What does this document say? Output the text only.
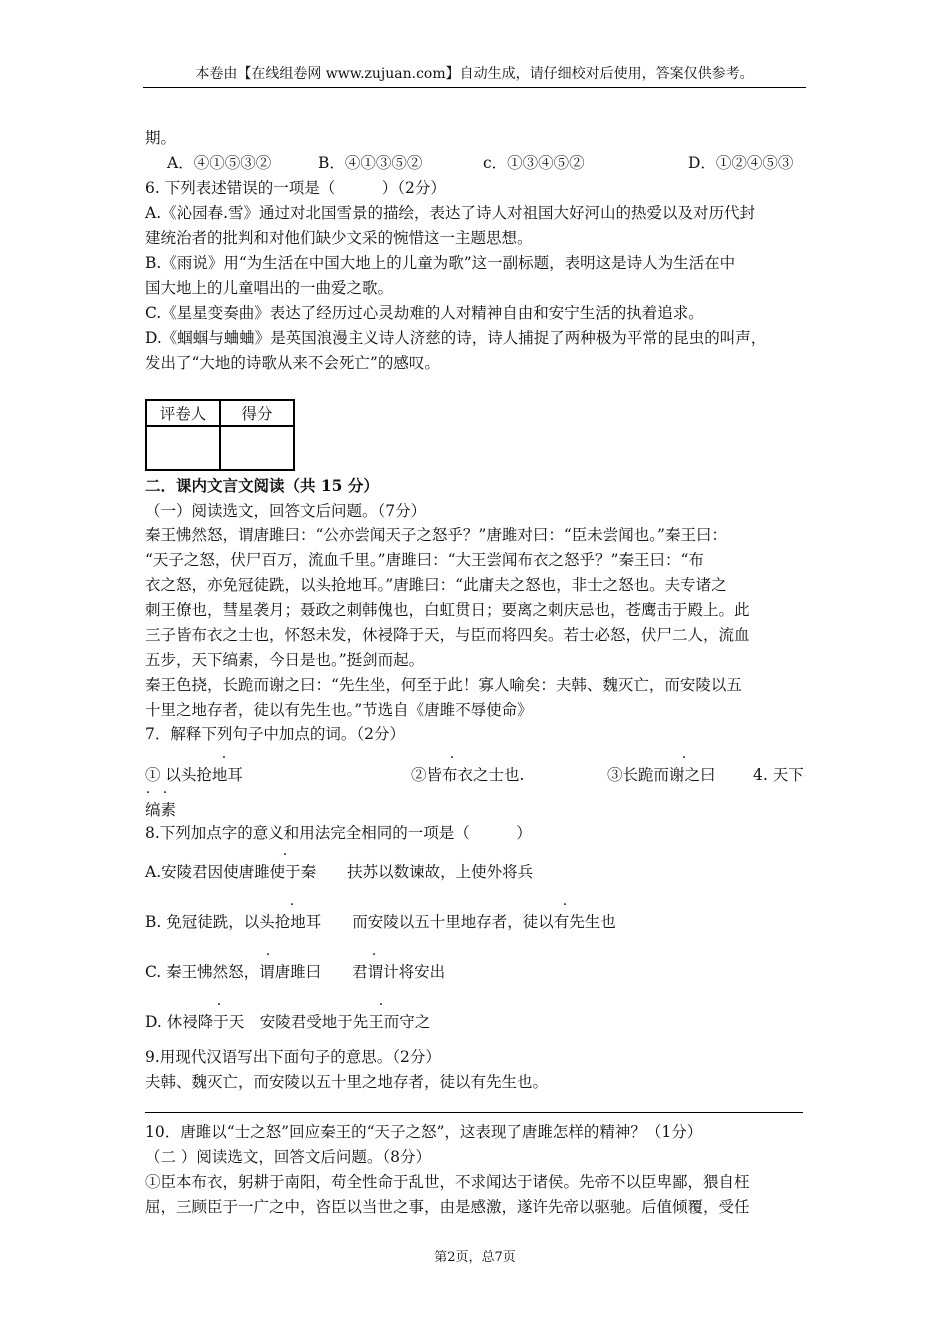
本卷由【在线组卷网 www.zujuan.com】自动生成，请仔细校对后使用，答案仅供参考。
期。
A．④①⑤③②	B．④①③⑤②	c．①③④⑤②	D．①②④⑤③
6. 下列表述错误的一项是（　　　）（2分）
A.《沁园春.雪》通过对北国雪景的描绘，表达了诗人对祖国大好河山的热爱以及对历代封
建统治者的批判和对他们缺少文采的惋惜这一主题思想。
B.《雨说》用“为生活在中国大地上的儿童为歌”这一副标题，表明这是诗人为生活在中
国大地上的儿童唱出的一曲爱之歌。
C.《星星变奏曲》表达了经历过心灵劫难的人对精神自由和安宁生活的执着追求。
D.《蝈蝈与蛐蛐》是英国浪漫主义诗人济慈的诗，诗人捕捉了两种极为平常的昆虫的叫声，
发出了“大地的诗歌从来不会死亡”的感叹。
评卷人	得分

二．课内文言文阅读（共 15 分）
（一）阅读选文，回答文后问题。（7分）
秦王怫然怒，谓唐雎曰：“公亦尝闻天子之怒乎？”唐雎对曰：“臣未尝闻也。”秦王曰：
“天子之怒，伏尸百万，流血千里。”唐雎曰：“大王尝闻布衣之怒乎？”秦王曰：“布
衣之怒，亦免冠徒跣，以头抢地耳。”唐雎曰：“此庸夫之怒也，非士之怒也。夫专诸之
刺王僚也，彗星袭月；聂政之刺韩傀也，白虹贯日；要离之刺庆忌也，苍鹰击于殿上。此
三子皆布衣之士也，怀怒未发，休祲降于天，与臣而将四矣。若士必怒，伏尸二人，流血
五步，天下缟素，今日是也。”挺剑而起。
秦王色挠，长跪而谢之曰：“先生坐，何至于此！寡人喻矣：夫韩、魏灭亡，而安陵以五
十里之地存者，徒以有先生也。”节选自《唐雎不辱使命》
7．解释下列句子中加点的词。（2分）
① 以头抢地耳	②皆布衣之士也.	③长跪而谢之曰 4. 天下
缟素
8.下列加点字的意义和用法完全相同的一项是（　　　）
A.安陵君因使唐雎使于秦　　扶苏以数谏故，上使外将兵
B. 免冠徒跣，以头抢地耳　　而安陵以五十里地存者，徒以有先生也
C. 秦王怫然怒，谓唐雎曰　　君谓计将安出
D. 休祲降于天　安陵君受地于先王而守之
9.用现代汉语写出下面句子的意思。（2分）
夫韩、魏灭亡，而安陵以五十里之地存者，徒以有先生也。
10．唐雎以“士之怒”回应秦王的“天子之怒”，这表现了唐雎怎样的精神？（1分）
（二 ）阅读选文，回答文后问题。（8分）
①臣本布衣，躬耕于南阳，苟全性命于乱世，不求闻达于诸侯。先帝不以臣卑鄙，猥自枉
屈，三顾臣于一广之中，咨臣以当世之事，由是感激，遂许先帝以驱驰。后值倾覆，受任
第2页，总7页
